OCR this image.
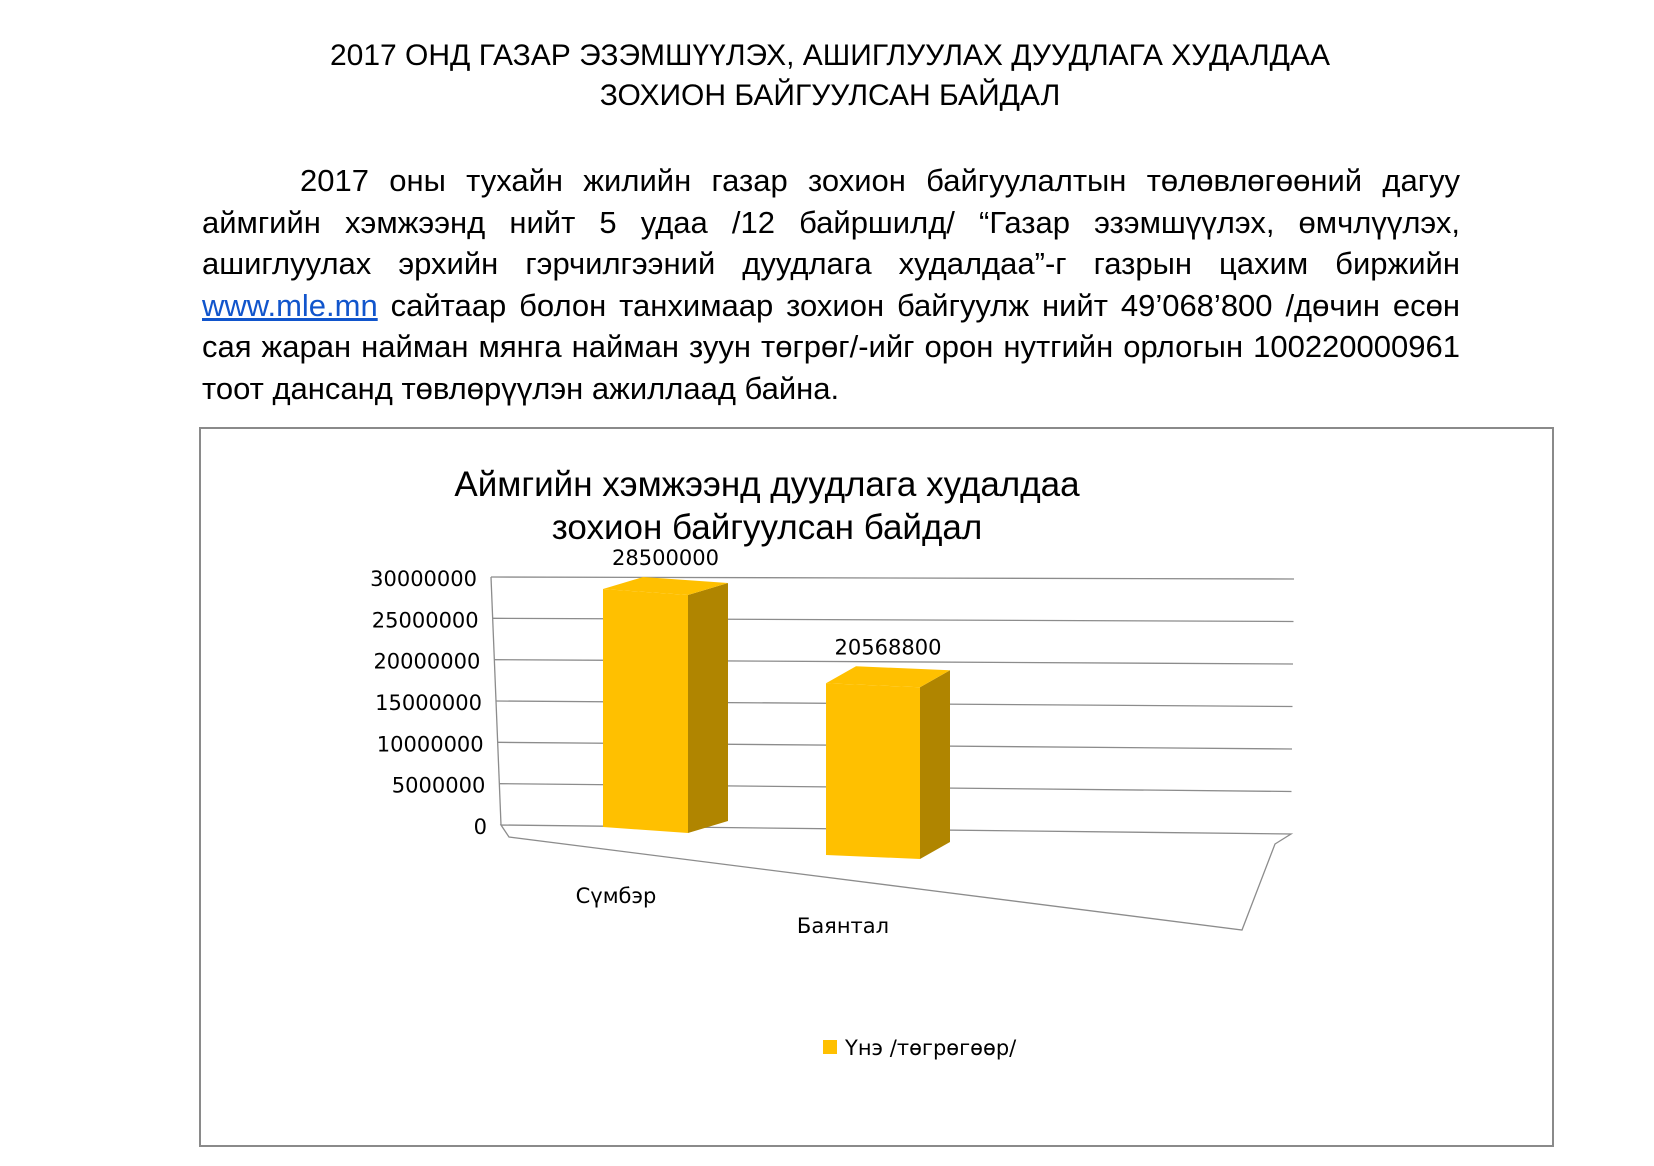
2017 ОНД ГАЗАР ЭЗЭМШҮҮЛЭХ, АШИГЛУУЛАХ ДУУДЛАГА ХУДАЛДАА
ЗОХИОН БАЙГУУЛСАН БАЙДАЛ

2017 оны тухайн жилийн газар зохион байгуулалтын төлөвлөгөөний дагуу аймгийн хэмжээнд нийт 5 удаа /12 байршилд/ “Газар эзэмшүүлэх, өмчлүүлэх, ашиглуулах эрхийн гэрчилгээний дуудлага худалдаа”-г газрын цахим биржийн www.mle.mn сайтаар болон танхимаар зохион байгуулж нийт 49’068’800 /дөчин есөн сая жаран найман мянга найман зуун төгрөг/-ийг орон нутгийн орлогын 100220000961 тоот дансанд төвлөрүүлэн ажиллаад байна.

Аймгийн хэмжээнд дуудлага худалдаа
зохион байгуулсан байдал
0
5000000
10000000
15000000
20000000
25000000
30000000
28500000
Сүмбэр
20568800
Баянтал
Үнэ /төгрөгөөр/
